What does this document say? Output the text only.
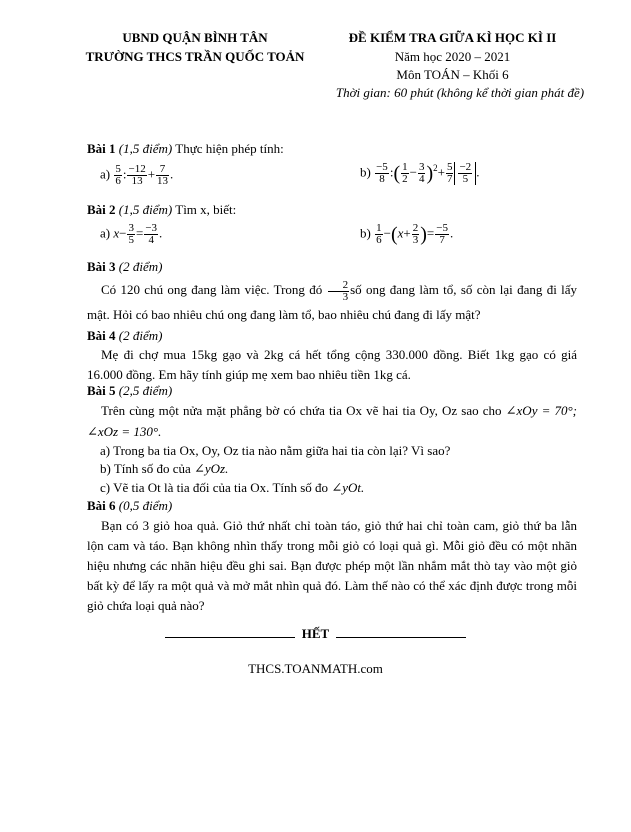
UBND QUẬN BÌNH TÂN
TRƯỜNG THCS TRẦN QUỐC TOẢN
ĐỀ KIỂM TRA GIỮA KÌ HỌC KÌ II
Năm học 2020 – 2021
Môn TOÁN – Khối 6
Thời gian: 60 phút (không kể thời gian phát đề)
Bài 1 (1,5 điểm) Thực hiện phép tính:
$a) \frac{5}{6}$ : $\frac{-12}{13} + \frac{7}{13}$ .	$b) \frac{-5}{8}$ :( $\frac{1}{2} - \frac{3}{4} )^2+ \frac{5}{7} \frac{-2}{5}$ .
Bài 2 (1,5 điểm) Tìm x, biết:
a) $x- \frac{3}{5} = \frac{-3}{4}$ .	$b) \frac{1}{6} -(x+ \frac{2}{3}$ )= $\frac{-5}{7}$ .
Bài 3 (2 điểm)
Có 120 chú ong đang làm việc. Trong đó $\frac{2}{3}$ số ong đang làm tổ, số còn lại đang đi lấy mật. Hỏi có bao nhiêu chú ong đang làm tổ, bao nhiêu chú đang đi lấy mật?
Bài 4 (2 điểm)
Mẹ đi chợ mua 15kg gạo và 2kg cá hết tổng cộng 330.000 đồng. Biết 1kg gạo có giá 16.000 đồng. Em hãy tính giúp mẹ xem bao nhiêu tiền 1kg cá.
Bài 5 (2,5 điểm)
Trên cùng một nửa mặt phẳng bờ có chứa tia Ox vẽ hai tia Oy, Oz sao cho ∠xOy = 70°; ∠xOz = 130°.
a) Trong ba tia Ox, Oy, Oz tia nào nằm giữa hai tia còn lại? Vì sao?
b) Tính số đo của ∠yOz.
c) Vẽ tia Ot là tia đối của tia Ox. Tính số đo ∠yOt.
Bài 6 (0,5 điểm)
Bạn có 3 giỏ hoa quả. Giỏ thứ nhất chỉ toàn táo, giỏ thứ hai chỉ toàn cam, giỏ thứ ba lẫn lộn cam và táo. Bạn không nhìn thấy trong mỗi giỏ có loại quả gì. Mỗi giỏ đều có một nhãn hiệu nhưng các nhãn hiệu đều ghi sai. Bạn được phép một lần nhắm mắt thò tay vào một giỏ bất kỳ để lấy ra một quả và mở mắt nhìn quả đó. Làm thế nào có thể xác định được trong mỗi giỏ chứa loại quả nào?
HẾT
THCS.TOANMATH.com
